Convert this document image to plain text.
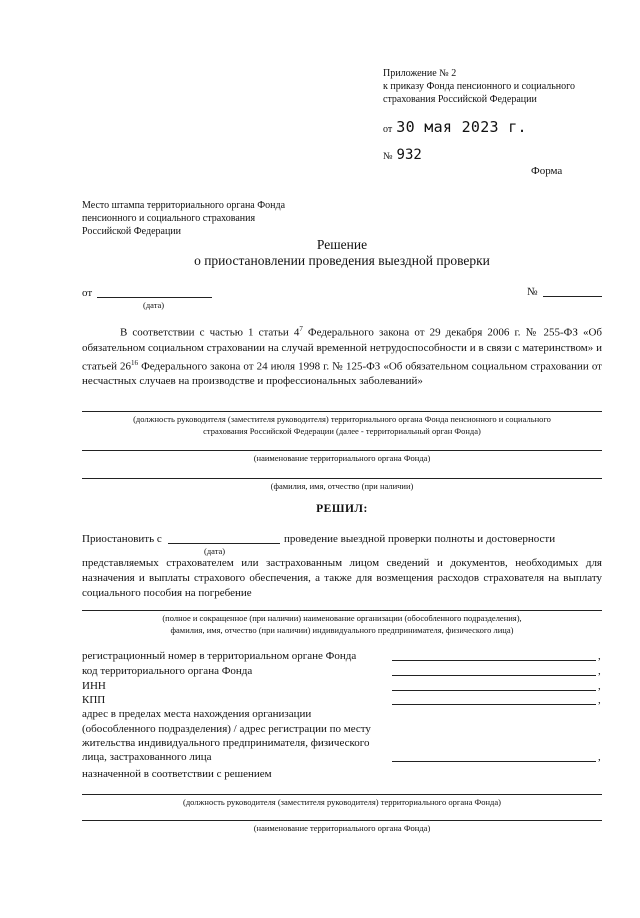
Приложение № 2
к приказу Фонда пенсионного и социального
страхования Российской Федерации
от 30 мая 2023 г.
№ 932
Форма
Место штампа территориального органа Фонда
пенсионного и социального страхования
Российской Федерации
Решение
о приостановлении проведения выездной проверки
от
(дата)
№
В соответствии с частью 1 статьи $4^7$ Федерального закона от 29 декабря 2006 г. № 255-ФЗ «Об обязательном социальном страховании на случай временной нетрудоспособности и в связи с материнством» и статьей $26^{16}$ Федерального закона от 24 июля 1998 г. № 125-ФЗ «Об обязательном социальном страховании от несчастных случаев на производстве и профессиональных заболеваний»
(должность руководителя (заместителя руководителя) территориального органа Фонда пенсионного и социального
страхования Российской Федерации (далее - территориальный орган Фонда)
(наименование территориального органа Фонда)
(фамилия, имя, отчество (при наличии)
РЕШИЛ:
Приостановить с	проведение выездной проверки полноты и достоверности
(дата)
представляемых страхователем или застрахованным лицом сведений и документов, необходимых для назначения и выплаты страхового обеспечения, а также для возмещения расходов страхователя на выплату социального пособия на погребение
(полное и сокращенное (при наличии) наименование организации (обособленного подразделения),
фамилия, имя, отчество (при наличии) индивидуального предпринимателя, физического лица)
регистрационный номер в территориальном органе Фонда	,
код территориального органа Фонда	,
ИНН	,
КПП	,
адрес в пределах места нахождения организации
(обособленного подразделения) / адрес регистрации по месту
жительства индивидуального предпринимателя, физического
лица, застрахованного лица	,
назначенной в соответствии с решением
(должность руководителя (заместителя руководителя) территориального органа Фонда)
(наименование территориального органа Фонда)
